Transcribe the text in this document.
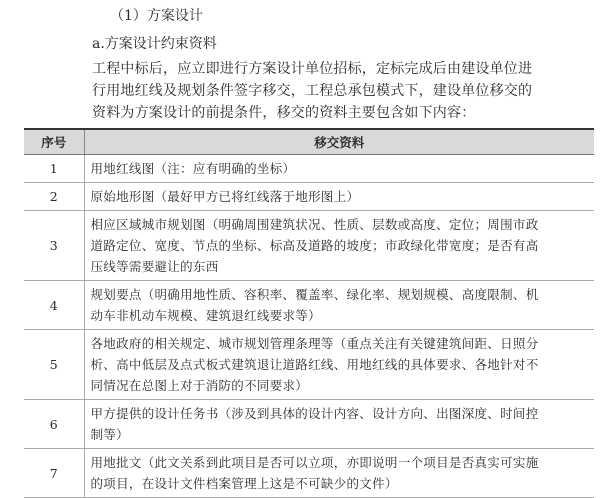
（1）方案设计
a.方案设计约束资料
工程中标后，应立即进行方案设计单位招标，定标完成后由建设单位进
行用地红线及规划条件签字移交，工程总承包模式下，建设单位移交的
资料为方案设计的前提条件，移交的资料主要包含如下内容：
序号	移交资料
1	用地红线图（注：应有明确的坐标）

2	原始地形图（最好甲方已将红线落于地形图上）

3	相应区域城市规划图（明确周围建筑状况、性质、层数或高度、定位；周围市政
道路定位、宽度、节点的坐标、标高及道路的坡度；市政绿化带宽度；是否有高
压线等需要避让的东西

4	规划要点（明确用地性质、容积率、覆盖率、绿化率、规划规模、高度限制、机
动车非机动车规模、建筑退红线要求等）

5	各地政府的相关规定、城市规划管理条理等（重点关注有关键建筑间距、日照分
析、高中低层及点式板式建筑退让道路红线、用地红线的具体要求、各地针对不
同情况在总图上对于消防的不同要求）

6	甲方提供的设计任务书（涉及到具体的设计内容、设计方向、出图深度、时间控
制等）

7	用地批文（此文关系到此项目是否可以立项，亦即说明一个项目是否真实可实施
的项目，在设计文件档案管理上这是不可缺少的文件）
